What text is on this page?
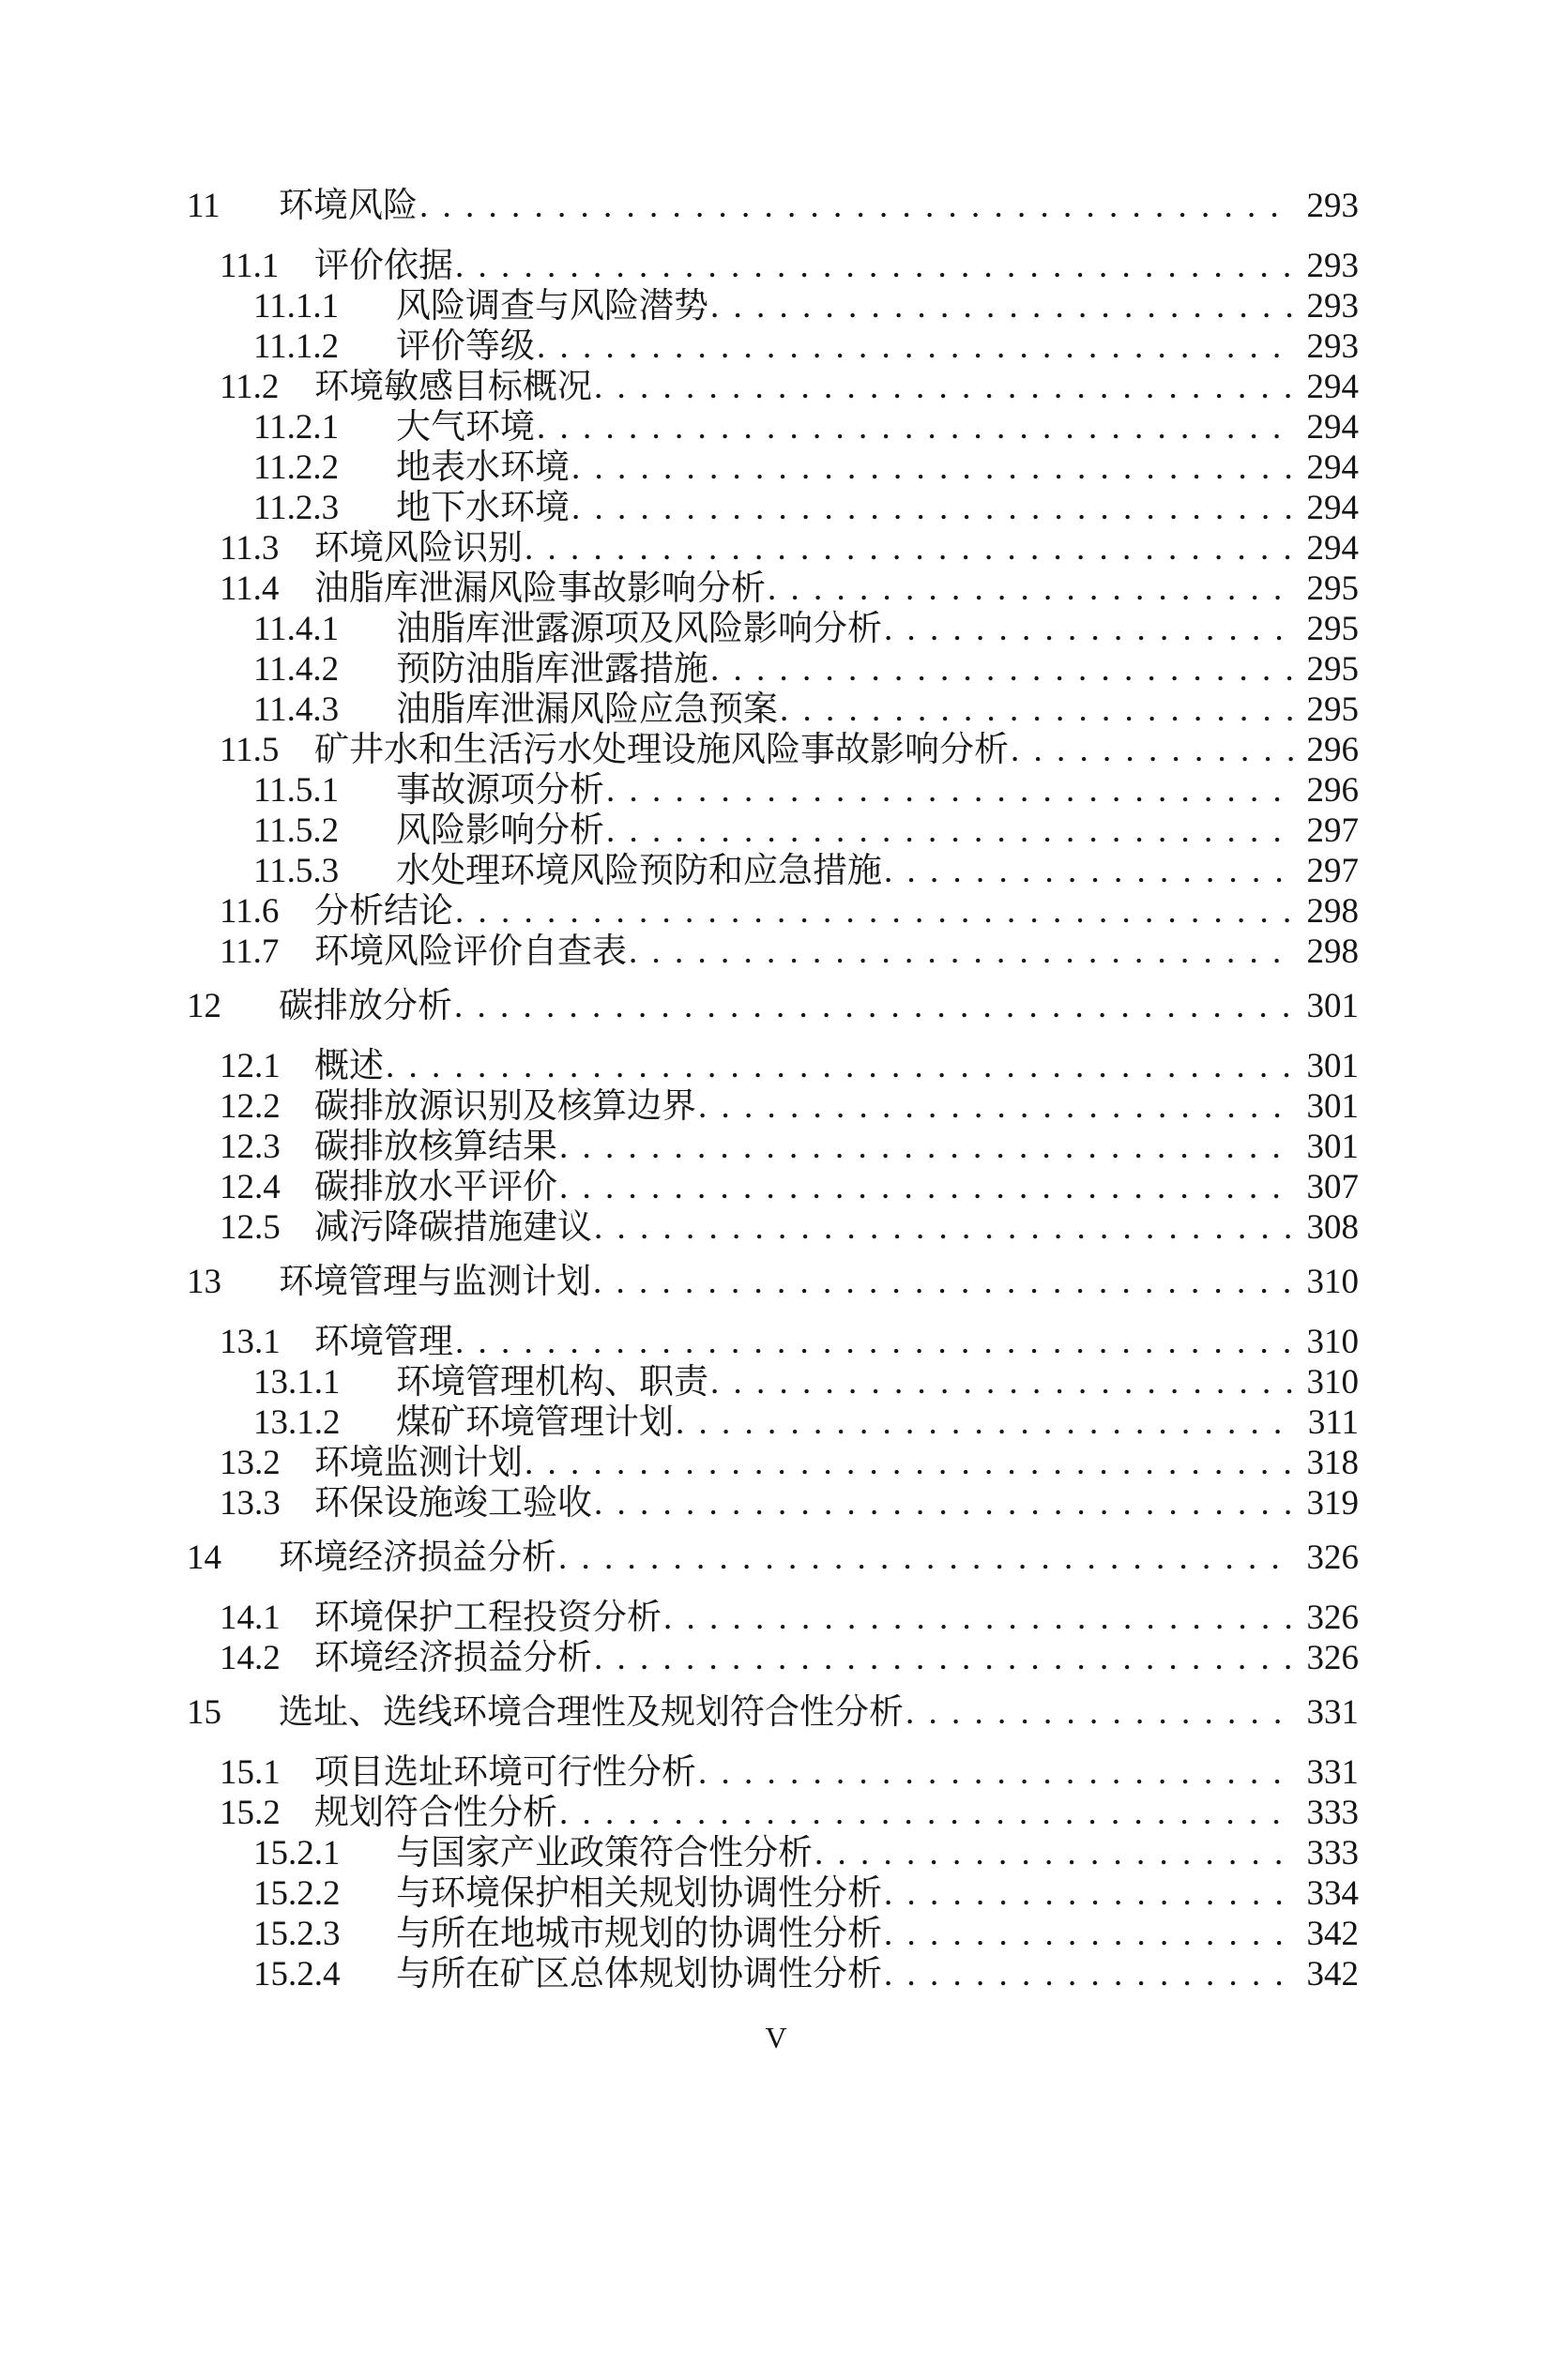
11	环境风险 . . .	293
11.1	评价依据 . . .	293
11.1.1	风险调查与风险潜势 . . .	293
11.1.2	评价等级 . . .	293
11.2	环境敏感目标概况 . . .	294
11.2.1	大气环境 . . .	294
11.2.2	地表水环境 . . .	294
11.2.3	地下水环境 . . .	294
11.3	环境风险识别 . . .	294
11.4	油脂库泄漏风险事故影响分析 . . .	295
11.4.1	油脂库泄露源项及风险影响分析 . . .	295
11.4.2	预防油脂库泄露措施 . . .	295
11.4.3	油脂库泄漏风险应急预案 . . .	295
11.5	矿井水和生活污水处理设施风险事故影响分析 . . .	296
11.5.1	事故源项分析 . . .	296
11.5.2	风险影响分析 . . .	297
11.5.3	水处理环境风险预防和应急措施 . . .	297
11.6	分析结论 . . .	298
11.7	环境风险评价自查表 . . .	298
12	碳排放分析 . . .	301
12.1 概述 . . .	301
12.2 碳排放源识别及核算边界 . . .	301
12.3 碳排放核算结果 . . .	301
12.4 碳排放水平评价 . . .	307
12.5 减污降碳措施建议 . . .	308
13	环境管理与监测计划 . . .	310
13.1 环境管理 . . .	310
13.1.1	环境管理机构、职责 . . .	310
13.1.2	煤矿环境管理计划 . . .	311
13.2 环境监测计划 . . .	318
13.3 环保设施竣工验收 . . .	319
14	环境经济损益分析 . . .	326
14.1 环境保护工程投资分析 . . .	326
14.2 环境经济损益分析 . . .	326
15	选址、选线环境合理性及规划符合性分析 . . .	331
15.1 项目选址环境可行性分析 . . .	331
15.2 规划符合性分析 . . .	333
15.2.1	与国家产业政策符合性分析 . . .	333
15.2.2	与环境保护相关规划协调性分析 . . .	334
15.2.3	与所在地城市规划的协调性分析 . . .	342
15.2.4	与所在矿区总体规划协调性分析 . . .	342
V
